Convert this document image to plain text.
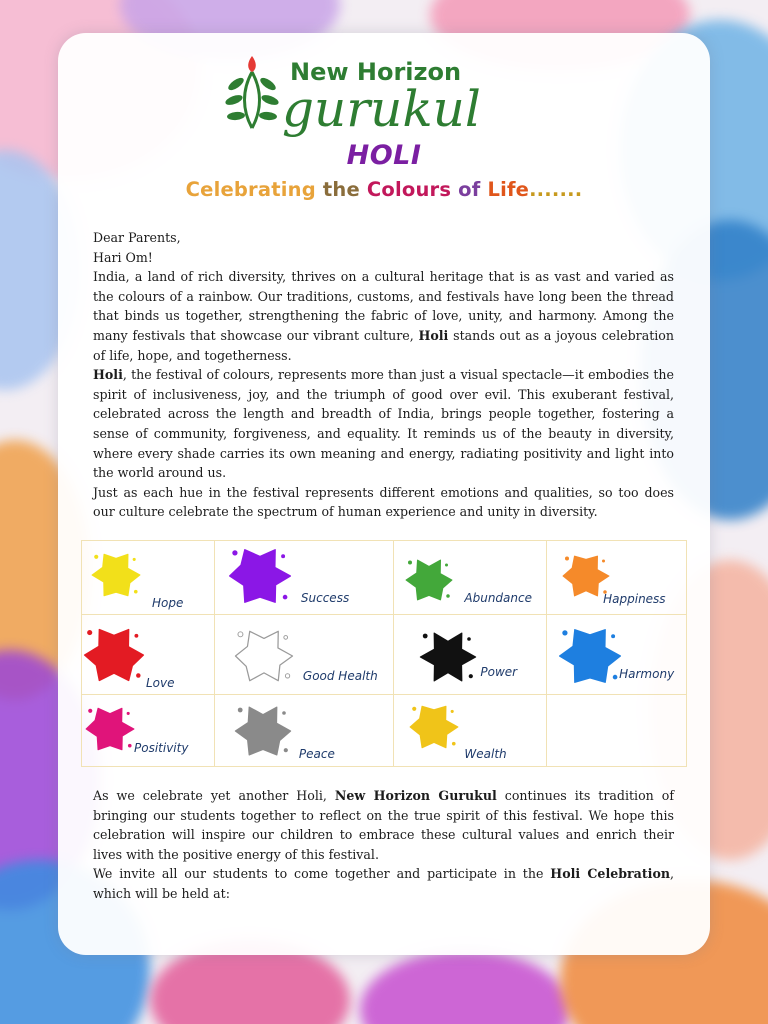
New Horizon
gurukul
HOLI
Celebrating the Colours of Life.......

Dear Parents,

Hari Om!

India, a land of rich diversity, thrives on a cultural heritage that is as vast and varied as the colours of a rainbow. Our traditions, customs, and festivals have long been the thread that binds us together, strengthening the fabric of love, unity, and harmony. Among the many festivals that showcase our vibrant culture, Holi stands out as a joyous celebration of life, hope, and togetherness.

Holi, the festival of colours, represents more than just a visual spectacle—it embodies the spirit of inclusiveness, joy, and the triumph of good over evil. This exuberant festival, celebrated across the length and breadth of India, brings people together, fostering a sense of community, forgiveness, and equality. It reminds us of the beauty in diversity, where every shade carries its own meaning and energy, radiating positivity and light into the world around us.

Just as each hue in the festival represents different emotions and qualities, so too does our culture celebrate the spectrum of human experience and unity in diversity.

Hope	Success	Abundance	Happiness

Love	Good Health	Power	Harmony

Positivity	Peace	Wealth	

As we celebrate yet another Holi, New Horizon Gurukul continues its tradition of bringing our students together to reflect on the true spirit of this festival. We hope this celebration will inspire our children to embrace these cultural values and enrich their lives with the positive energy of this festival.

We invite all our students to come together and participate in the Holi Celebration, which will be held at:
